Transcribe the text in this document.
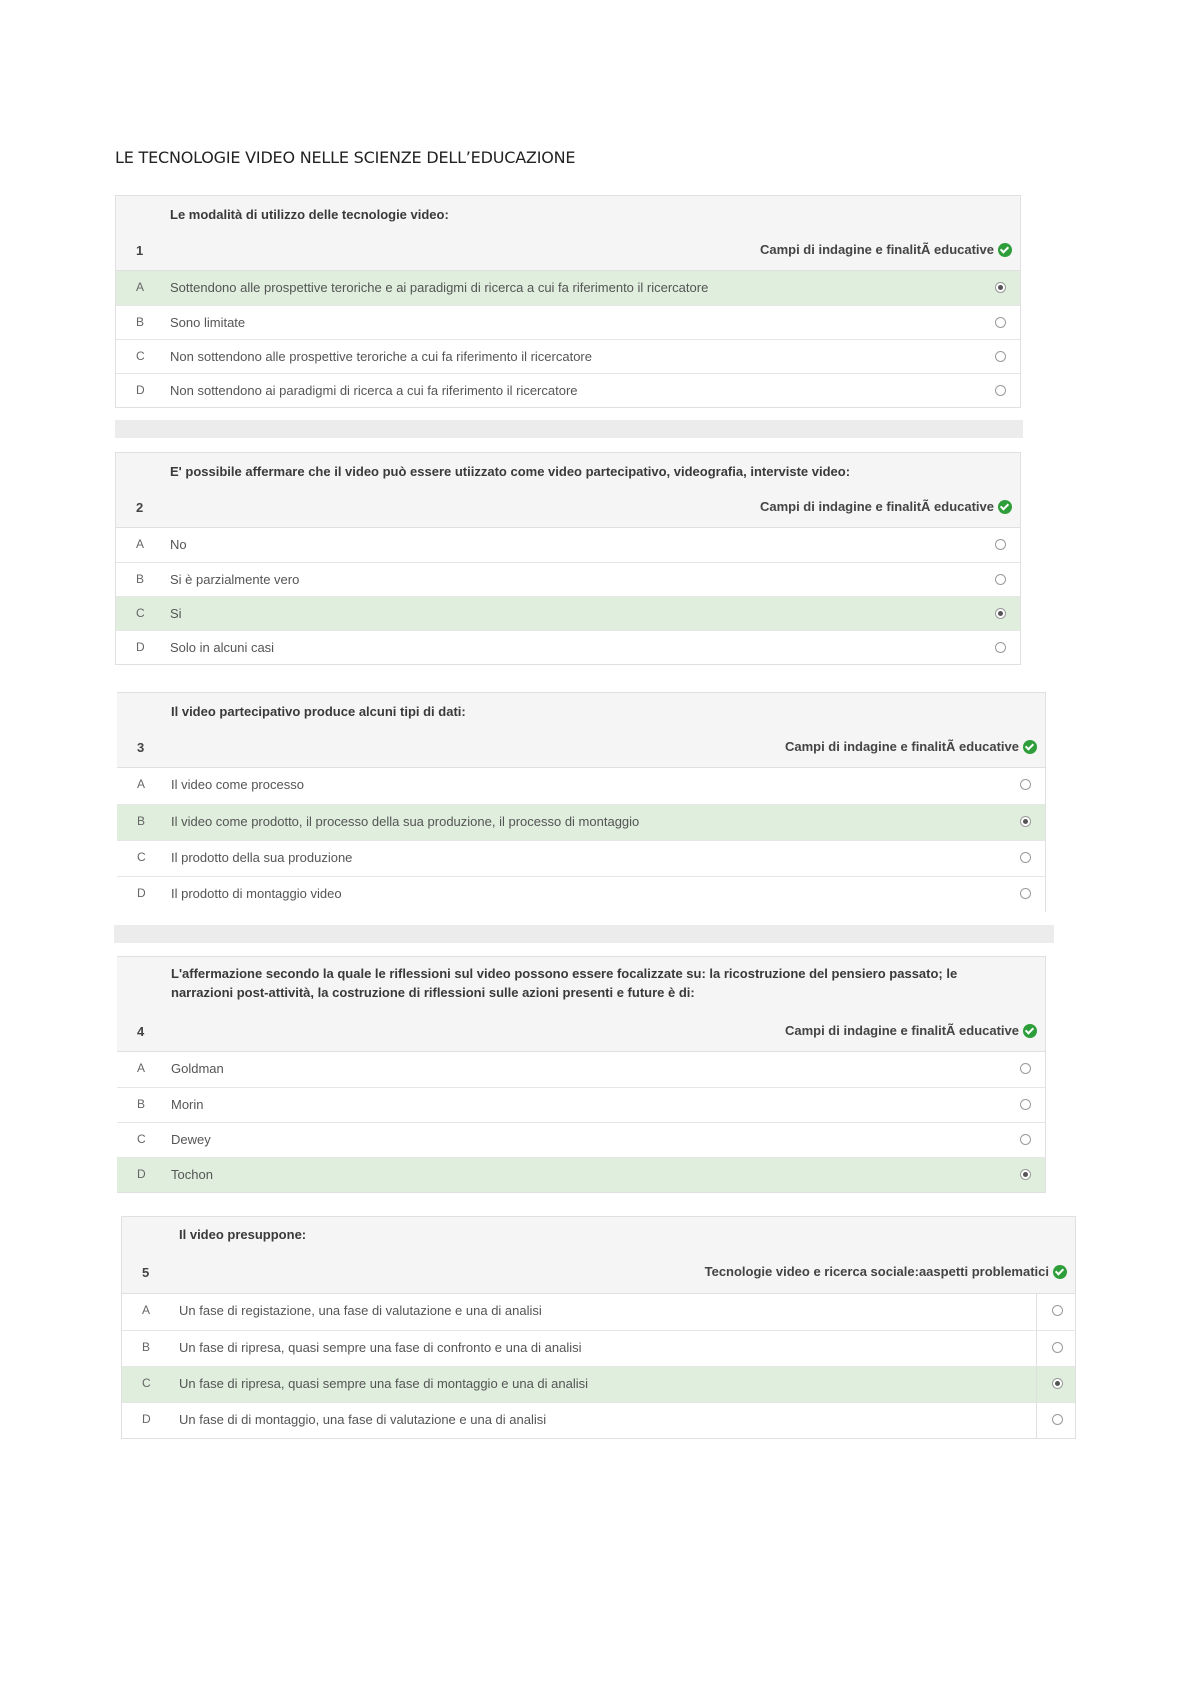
LE TECNOLOGIE VIDEO NELLE SCIENZE DELL’EDUCAZIONE
Le modalità di utilizzo delle tecnologie video:
1	Campi di indagine e finalitÃ educative
A Sottendono alle prospettive teroriche e ai paradigmi di ricerca a cui fa riferimento il ricercatore
B Sono limitate
C Non sottendono alle prospettive teroriche a cui fa riferimento il ricercatore
D Non sottendono ai paradigmi di ricerca a cui fa riferimento il ricercatore
E' possibile affermare che il video può essere utiizzato come video partecipativo, videografia, interviste video:
2	Campi di indagine e finalitÃ educative
A No
B Si è parzialmente vero
C Si
D Solo in alcuni casi
Il video partecipativo produce alcuni tipi di dati:
3	Campi di indagine e finalitÃ educative
A Il video come processo
B Il video come prodotto, il processo della sua produzione, il processo di montaggio
C Il prodotto della sua produzione
D Il prodotto di montaggio video
L'affermazione secondo la quale le riflessioni sul video possono essere focalizzate su: la ricostruzione del pensiero passato; le narrazioni post-attività, la costruzione di riflessioni sulle azioni presenti e future è di:
4	Campi di indagine e finalitÃ educative
A Goldman
B Morin
C Dewey
D Tochon
Il video presuppone:
5	Tecnologie video e ricerca sociale:aaspetti problematici
A Un fase di registazione, una fase di valutazione e una di analisi
B Un fase di ripresa, quasi sempre una fase di confronto e una di analisi
C Un fase di ripresa, quasi sempre una fase di montaggio e una di analisi
D Un fase di di montaggio, una fase di valutazione e una di analisi
